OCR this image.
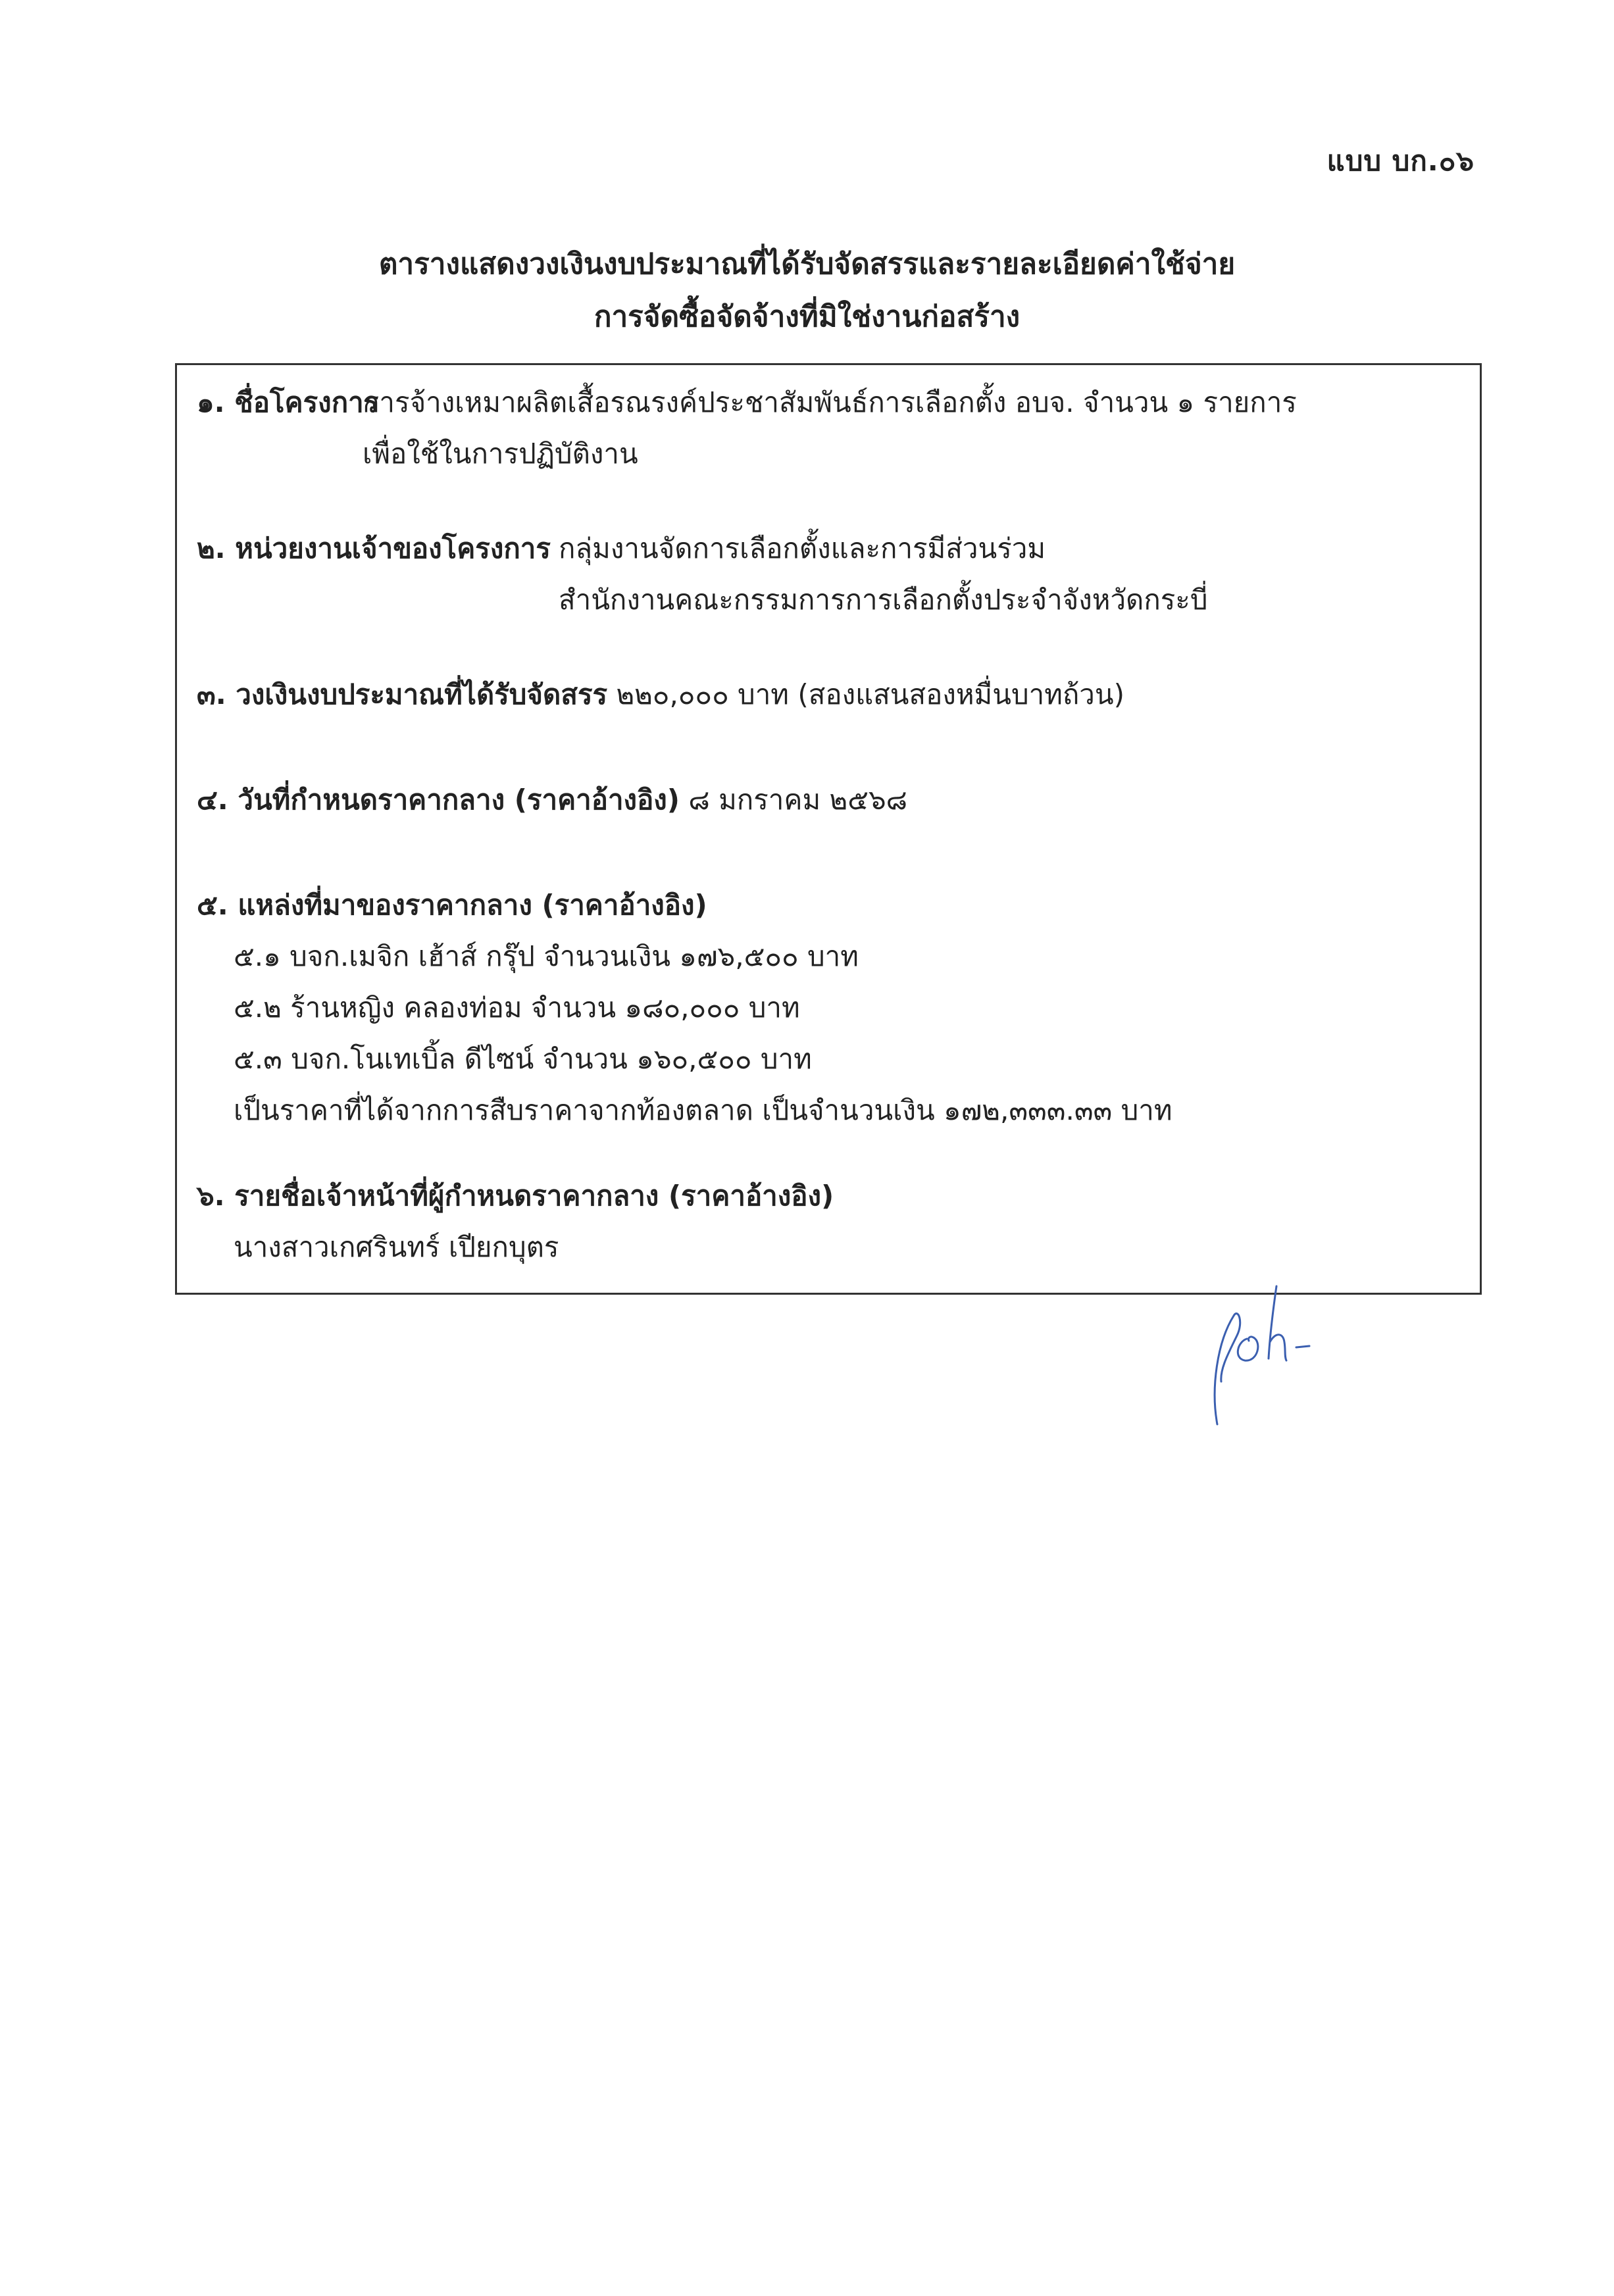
แบบ บก.๐๖
ตารางแสดงวงเงินงบประมาณที่ได้รับจัดสรรและรายละเอียดค่าใช้จ่าย
การจัดซื้อจัดจ้างที่มิใช่งานก่อสร้าง
๑. ชื่อโครงการ
การจ้างเหมาผลิตเสื้อรณรงค์ประชาสัมพันธ์การเลือกตั้ง อบจ. จำนวน ๑ รายการ
เพื่อใช้ในการปฏิบัติงาน
๒. หน่วยงานเจ้าของโครงการ กลุ่มงานจัดการเลือกตั้งและการมีส่วนร่วม
สำนักงานคณะกรรมการการเลือกตั้งประจำจังหวัดกระบี่
๓. วงเงินงบประมาณที่ได้รับจัดสรร ๒๒๐,๐๐๐ บาท (สองแสนสองหมื่นบาทถ้วน)
๔. วันที่กำหนดราคากลาง (ราคาอ้างอิง) ๘ มกราคม ๒๕๖๘
๕. แหล่งที่มาของราคากลาง (ราคาอ้างอิง)
๕.๑ บจก.เมจิก เฮ้าส์ กรุ๊ป จำนวนเงิน ๑๗๖,๕๐๐ บาท
๕.๒ ร้านหญิง คลองท่อม จำนวน ๑๘๐,๐๐๐ บาท
๕.๓ บจก.โนเทเบิ้ล ดีไซน์ จำนวน ๑๖๐,๕๐๐ บาท
เป็นราคาที่ได้จากการสืบราคาจากท้องตลาด เป็นจำนวนเงิน ๑๗๒,๓๓๓.๓๓ บาท
๖. รายชื่อเจ้าหน้าที่ผู้กำหนดราคากลาง (ราคาอ้างอิง)
นางสาวเกศรินทร์ เปียกบุตร
